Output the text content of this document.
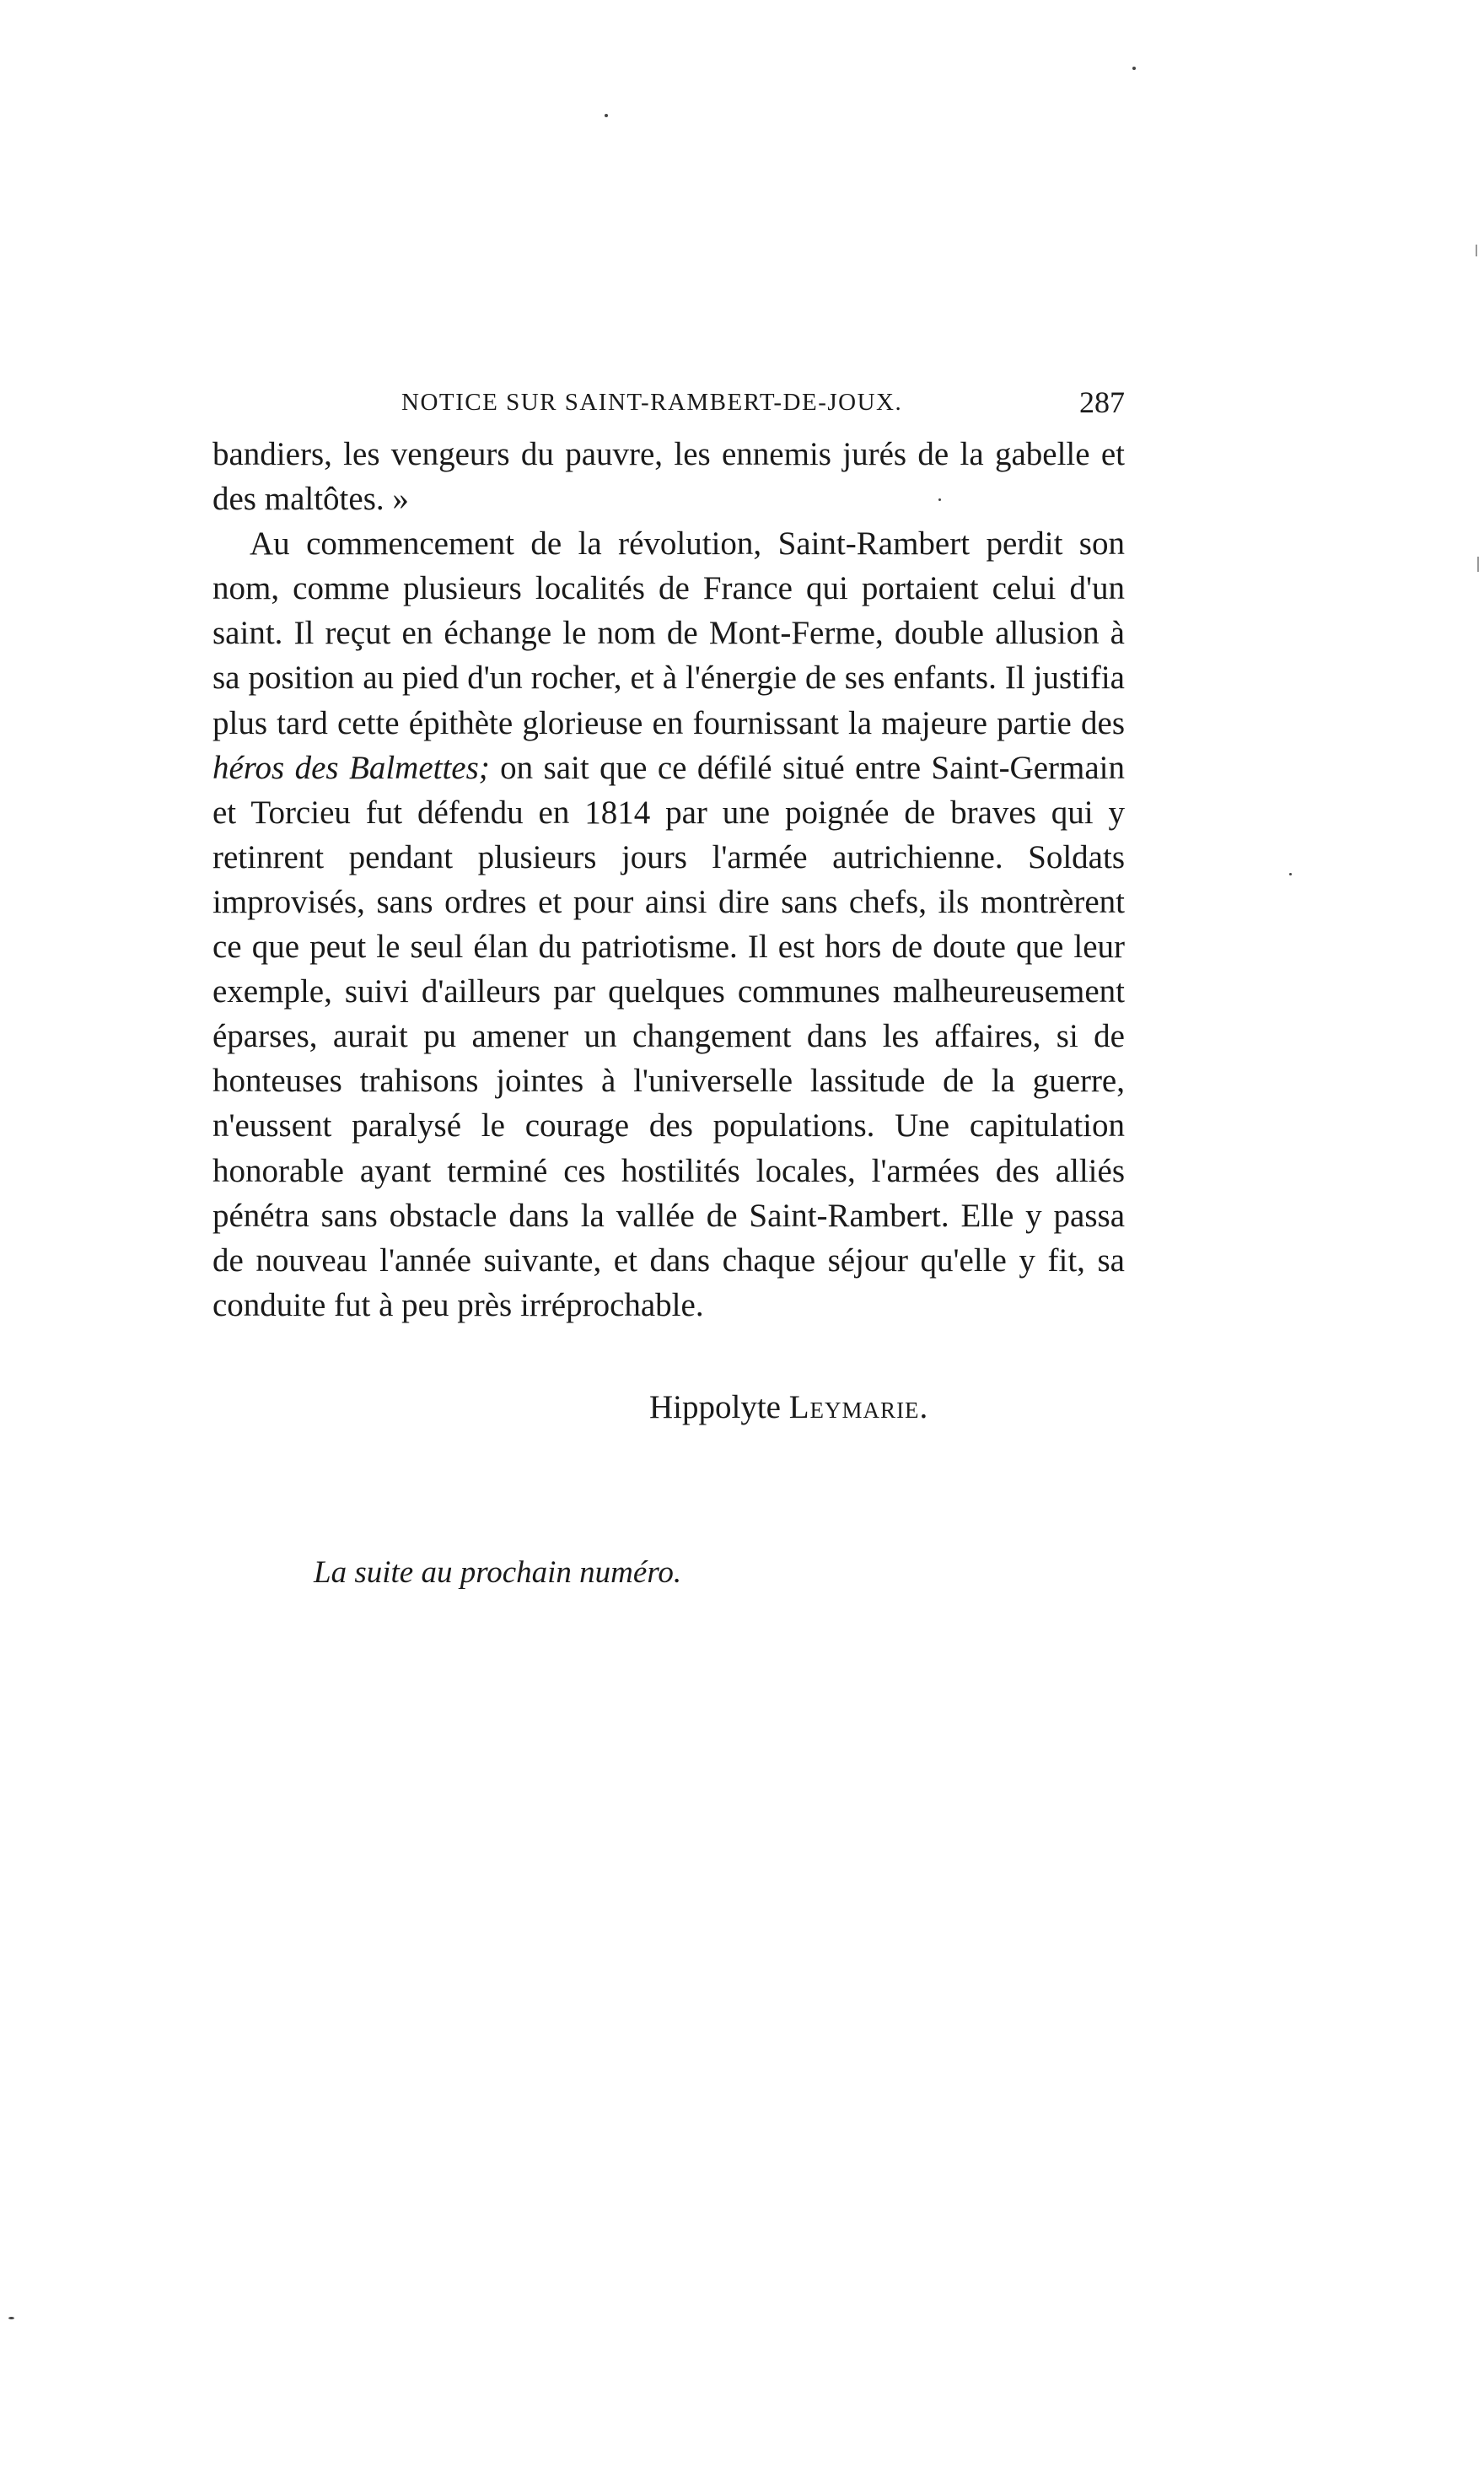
NOTICE SUR SAINT-RAMBERT-DE-JOUX.	287

bandiers, les vengeurs du pauvre, les ennemis jurés de la gabelle et des maltôtes. »

Au commencement de la révolution, Saint-Rambert perdit son nom, comme plusieurs localités de France qui portaient celui d'un saint. Il reçut en échange le nom de Mont-Ferme, double allusion à sa position au pied d'un rocher, et à l'énergie de ses enfants. Il justifia plus tard cette épithète glorieuse en fournissant la majeure partie des héros des Balmettes; on sait que ce défilé situé entre Saint-Germain et Torcieu fut défendu en 1814 par une poignée de braves qui y retinrent pendant plusieurs jours l'armée autrichienne. Soldats improvisés, sans ordres et pour ainsi dire sans chefs, ils montrèrent ce que peut le seul élan du patriotisme. Il est hors de doute que leur exemple, suivi d'ailleurs par quelques communes malheureusement éparses, aurait pu amener un changement dans les affaires, si de honteuses trahisons jointes à l'universelle lassitude de la guerre, n'eussent paralysé le courage des populations. Une capitulation honorable ayant terminé ces hostilités locales, l'armées des alliés pénétra sans obstacle dans la vallée de Saint-Rambert. Elle y passa de nouveau l'année suivante, et dans chaque séjour qu'elle y fit, sa conduite fut à peu près irréprochable.

Hippolyte Leymarie.
La suite au prochain numéro.
